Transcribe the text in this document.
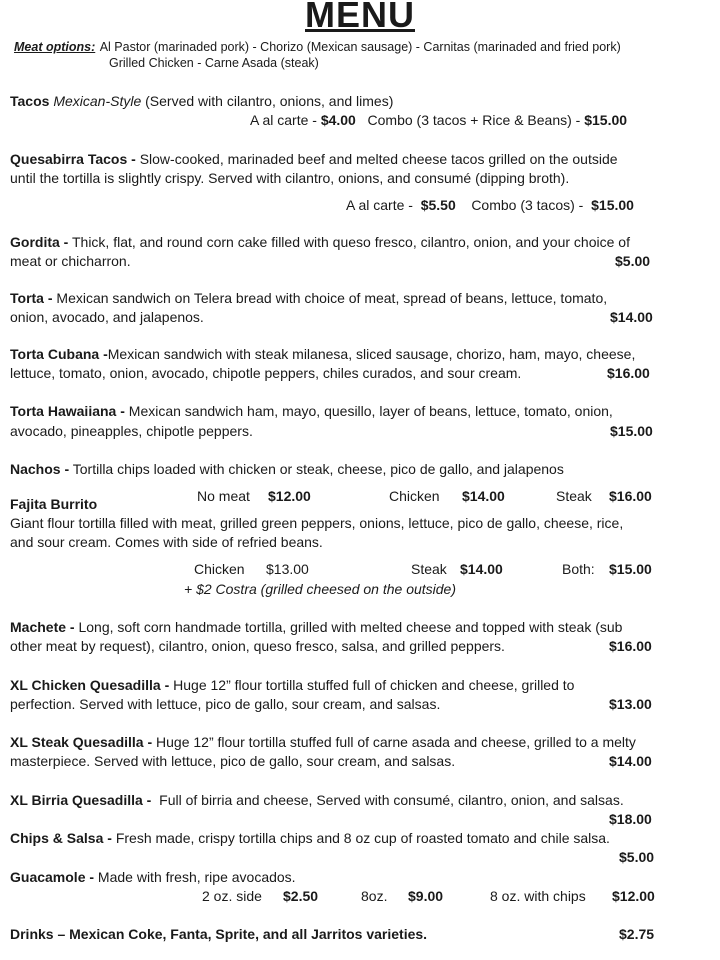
MENU
Meat options: Al Pastor (marinaded pork) - Chorizo (Mexican sausage) - Carnitas (marinaded and fried pork)
Grilled Chicken - Carne Asada (steak)
Tacos Mexican-Style (Served with cilantro, onions, and limes)
A al carte - $4.00 Combo (3 tacos + Rice & Beans) - $15.00
Quesabirra Tacos - Slow-cooked, marinaded beef and melted cheese tacos grilled on the outside
until the tortilla is slightly crispy. Served with cilantro, onions, and consumé (dipping broth).
A al carte - $5.50 Combo (3 tacos) - $15.00
Gordita - Thick, flat, and round corn cake filled with queso fresco, cilantro, onion, and your choice of
meat or chicharron.	$5.00
Torta - Mexican sandwich on Telera bread with choice of meat, spread of beans, lettuce, tomato,
onion, avocado, and jalapenos.	$14.00
Torta Cubana -Mexican sandwich with steak milanesa, sliced sausage, chorizo, ham, mayo, cheese,
lettuce, tomato, onion, avocado, chipotle peppers, chiles curados, and sour cream.	$16.00
Torta Hawaiiana - Mexican sandwich ham, mayo, quesillo, layer of beans, lettuce, tomato, onion,
avocado, pineapples, chipotle peppers.	$15.00
Nachos - Tortilla chips loaded with chicken or steak, cheese, pico de gallo, and jalapenos
Fajita Burrito	No meat $12.00	Chicken $14.00	Steak $16.00
Giant flour tortilla filled with meat, grilled green peppers, onions, lettuce, pico de gallo, cheese, rice,
and sour cream. Comes with side of refried beans.
Chicken $13.00	Steak $14.00	Both: $15.00
+ $2 Costra (grilled cheesed on the outside)
Machete - Long, soft corn handmade tortilla, grilled with melted cheese and topped with steak (sub
other meat by request), cilantro, onion, queso fresco, salsa, and grilled peppers.	$16.00
XL Chicken Quesadilla - Huge 12” flour tortilla stuffed full of chicken and cheese, grilled to
perfection. Served with lettuce, pico de gallo, sour cream, and salsas.	$13.00
XL Steak Quesadilla - Huge 12” flour tortilla stuffed full of carne asada and cheese, grilled to a melty
masterpiece. Served with lettuce, pico de gallo, sour cream, and salsas.	$14.00
XL Birria Quesadilla - Full of birria and cheese, Served with consumé, cilantro, onion, and salsas.
$18.00
Chips & Salsa - Fresh made, crispy tortilla chips and 8 oz cup of roasted tomato and chile salsa.
$5.00
Guacamole - Made with fresh, ripe avocados.
2 oz. side $2.50	8oz. $9.00	8 oz. with chips $12.00
Drinks – Mexican Coke, Fanta, Sprite, and all Jarritos varieties.	$2.75
